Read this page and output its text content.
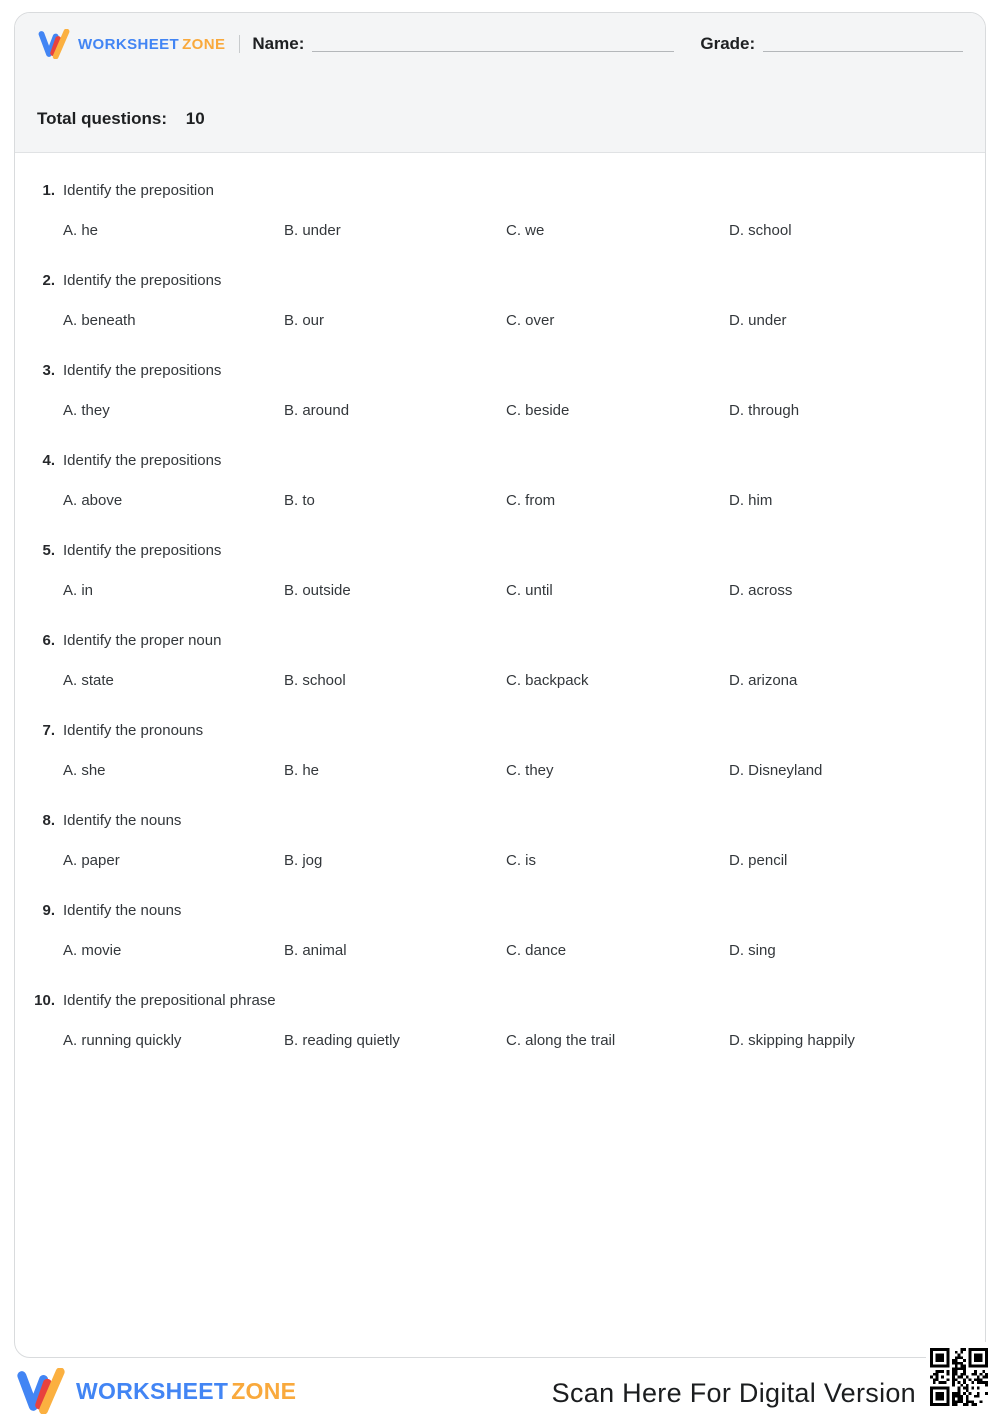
WORKSHEET ZONE Name:	Grade:
Total questions: 10
1. Identify the preposition
A. he	B. under	C. we	D. school
2. Identify the prepositions
A. beneath	B. our	C. over	D. under
3. Identify the prepositions
A. they	B. around	C. beside	D. through
4. Identify the prepositions
A. above	B. to	C. from	D. him
5. Identify the prepositions
A. in	B. outside	C. until	D. across
6. Identify the proper noun
A. state	B. school	C. backpack	D. arizona
7. Identify the pronouns
A. she	B. he	C. they	D. Disneyland
8. Identify the nouns
A. paper	B. jog	C. is	D. pencil
9. Identify the nouns
A. movie	B. animal	C. dance	D. sing
10. Identify the prepositional phrase
A. running quickly	B. reading quietly	C. along the trail	D. skipping happily
WORKSHEET ZONE	Scan Here For Digital Version
